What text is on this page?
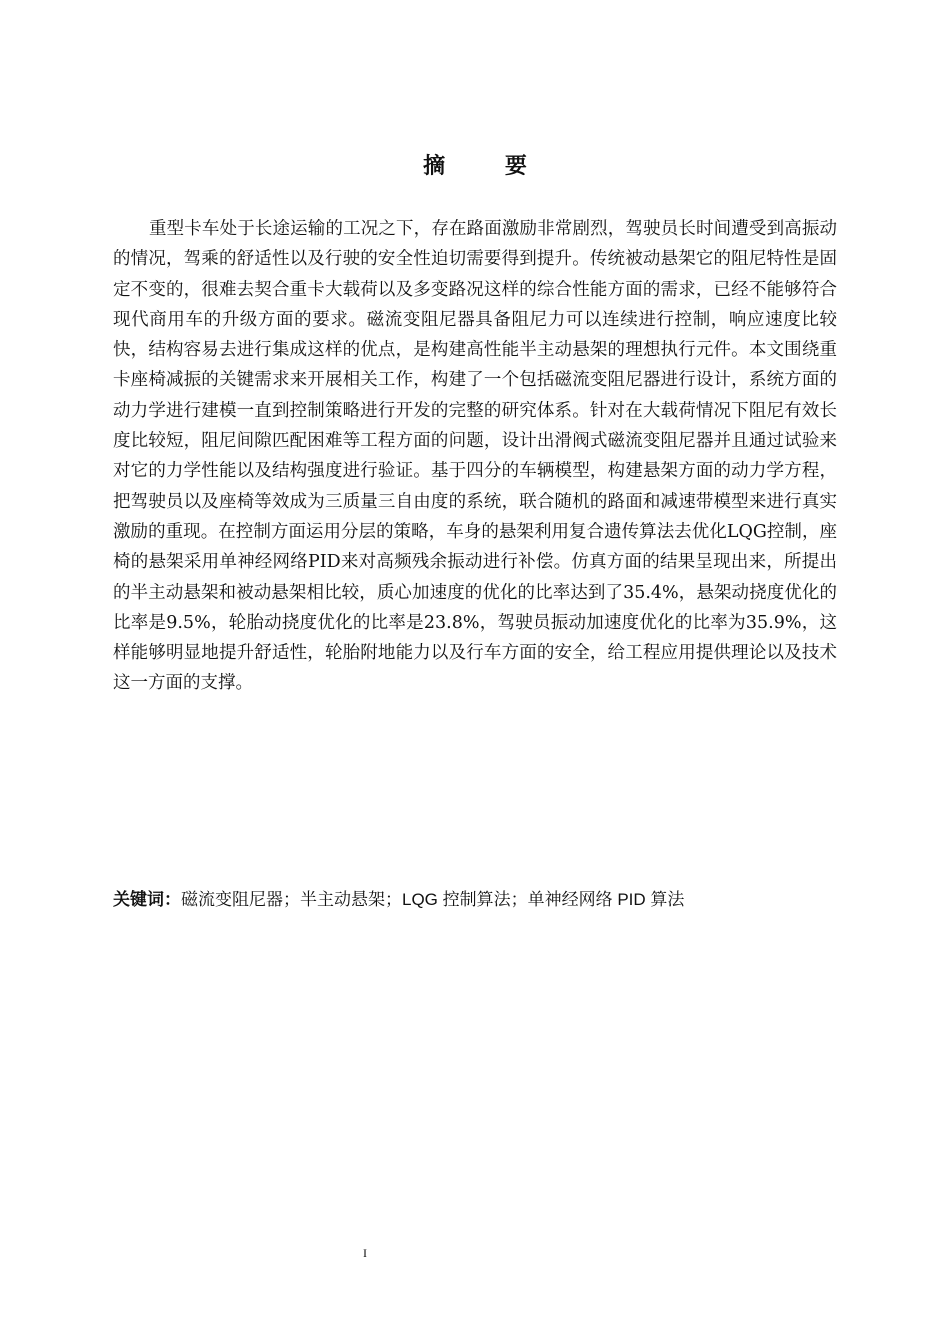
摘 要

重型卡车处于长途运输的工况之下，存在路面激励非常剧烈，驾驶员长时间遭受到高振动的情况，驾乘的舒适性以及行驶的安全性迫切需要得到提升。传统被动悬架它的阻尼特性是固定不变的，很难去契合重卡大载荷以及多变路况这样的综合性能方面的需求，已经不能够符合现代商用车的升级方面的要求。磁流变阻尼器具备阻尼力可以连续进行控制，响应速度比较快，结构容易去进行集成这样的优点，是构建高性能半主动悬架的理想执行元件。本文围绕重卡座椅减振的关键需求来开展相关工作，构建了一个包括磁流变阻尼器进行设计，系统方面的动力学进行建模一直到控制策略进行开发的完整的研究体系。针对在大载荷情况下阻尼有效长度比较短，阻尼间隙匹配困难等工程方面的问题，设计出滑阀式磁流变阻尼器并且通过试验来对它的力学性能以及结构强度进行验证。基于四分的车辆模型，构建悬架方面的动力学方程，把驾驶员以及座椅等效成为三质量三自由度的系统，联合随机的路面和减速带模型来进行真实激励的重现。在控制方面运用分层的策略，车身的悬架利用复合遗传算法去优化LQG控制，座椅的悬架采用单神经网络PID来对高频残余振动进行补偿。仿真方面的结果呈现出来，所提出的半主动悬架和被动悬架相比较，质心加速度的优化的比率达到了35.4%，悬架动挠度优化的比率是9.5%，轮胎动挠度优化的比率是23.8%，驾驶员振动加速度优化的比率为35.9%，这样能够明显地提升舒适性，轮胎附地能力以及行车方面的安全，给工程应用提供理论以及技术这一方面的支撑。

关键词：磁流变阻尼器；半主动悬架；LQG 控制算法；单神经网络 PID 算法
I
